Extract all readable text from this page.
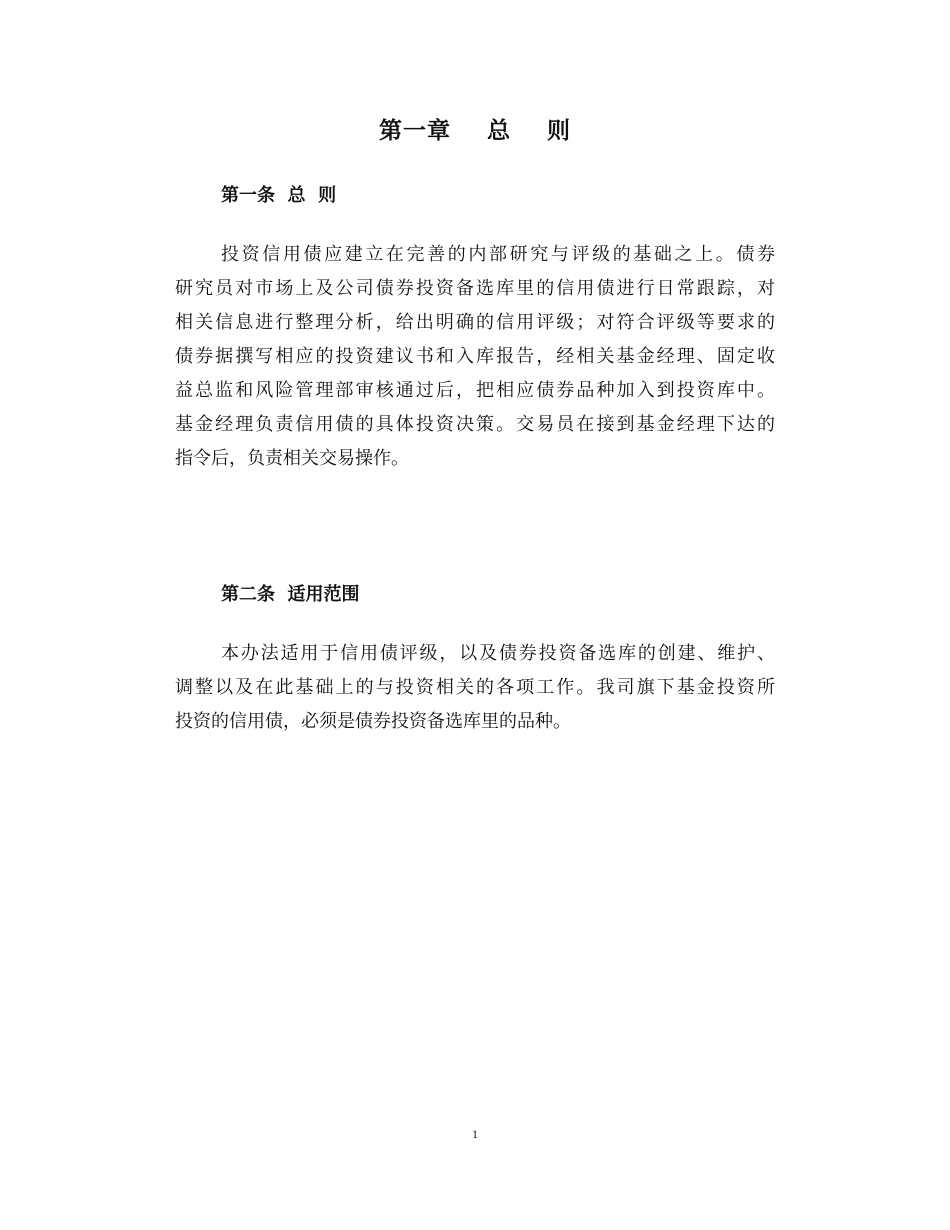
第一章    总    则
第一条  总  则
投资信用债应建立在完善的内部研究与评级的基础之上。债券
研究员对市场上及公司债券投资备选库里的信用债进行日常跟踪，对
相关信息进行整理分析，给出明确的信用评级；对符合评级等要求的
债券据撰写相应的投资建议书和入库报告，经相关基金经理、固定收
益总监和风险管理部审核通过后，把相应债券品种加入到投资库中。
基金经理负责信用债的具体投资决策。交易员在接到基金经理下达的
指令后，负责相关交易操作。
第二条  适用范围
本办法适用于信用债评级，以及债券投资备选库的创建、维护、
调整以及在此基础上的与投资相关的各项工作。我司旗下基金投资所
投资的信用债，必须是债券投资备选库里的品种。
1
